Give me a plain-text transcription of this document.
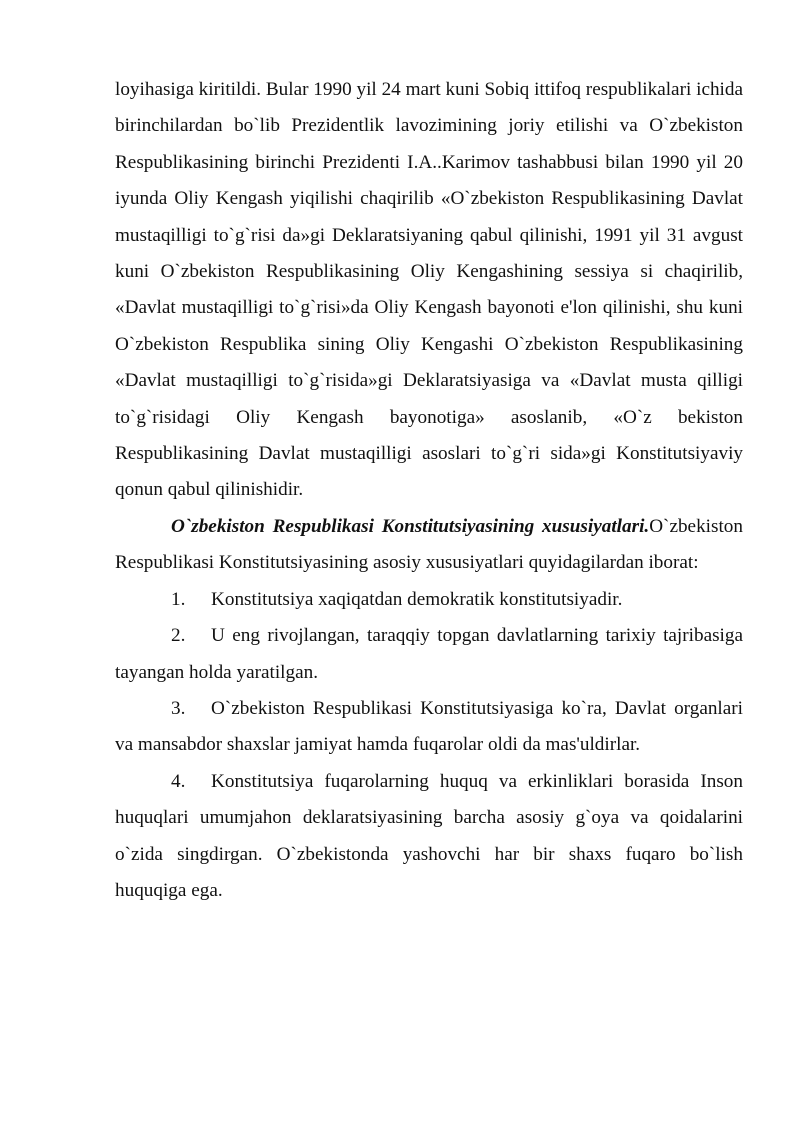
loyihasiga kiritildi. Bular 1990 yil 24 mart kuni Sobiq ittifoq respublikalari ichida birinchilardan bo`lib Prezidentlik lavozimining joriy etilishi va O`zbekiston Respublikasining birinchi Prezidenti I.A..Karimov tashabbusi bilan 1990 yil 20 iyunda Oliy Kengash yiqilishi chaqirilib «O`zbekiston Respublikasining Davlat mustaqilligi to`g`risi da»gi Deklaratsiyaning qabul qilinishi, 1991 yil 31 avgust kuni O`zbekiston Respublikasining Oliy Kengashining sessiya si chaqirilib, «Davlat mustaqilligi to`g`risi»da Oliy Kengash bayonoti e'lon qilinishi, shu kuni O`zbekiston Respublika sining Oliy Kengashi O`zbekiston Respublikasining «Davlat mustaqilligi to`g`risida»gi Deklaratsiyasiga va «Davlat musta qilligi to`g`risidagi Oliy Kengash bayonotiga» asoslanib, «O`z bekiston Respublikasining Davlat mustaqilligi asoslari to`g`ri sida»gi Konstitutsiyaviy qonun qabul qilinishidir.

O`zbekiston Respublikasi Konstitutsiyasining xususiyatlari.O`zbekiston Respublikasi Konstitutsiyasining asosiy xususiyatlari quyidagilardan iborat:

1. Konstitutsiya xaqiqatdan demokratik konstitutsiyadir.

2. U eng rivojlangan, taraqqiy topgan davlatlarning tarixiy tajribasiga tayangan holda yaratilgan.

3. O`zbekiston Respublikasi Konstitutsiyasiga ko`ra, Davlat organlari va mansabdor shaxslar jamiyat hamda fuqarolar oldi da mas'uldirlar.

4. Konstitutsiya fuqarolarning huquq va erkinliklari borasida Inson huquqlari umumjahon deklaratsiyasining barcha asosiy g`oya va qoidalarini o`zida singdirgan. O`zbekistonda yashovchi har bir shaxs fuqaro bo`lish huquqiga ega.
